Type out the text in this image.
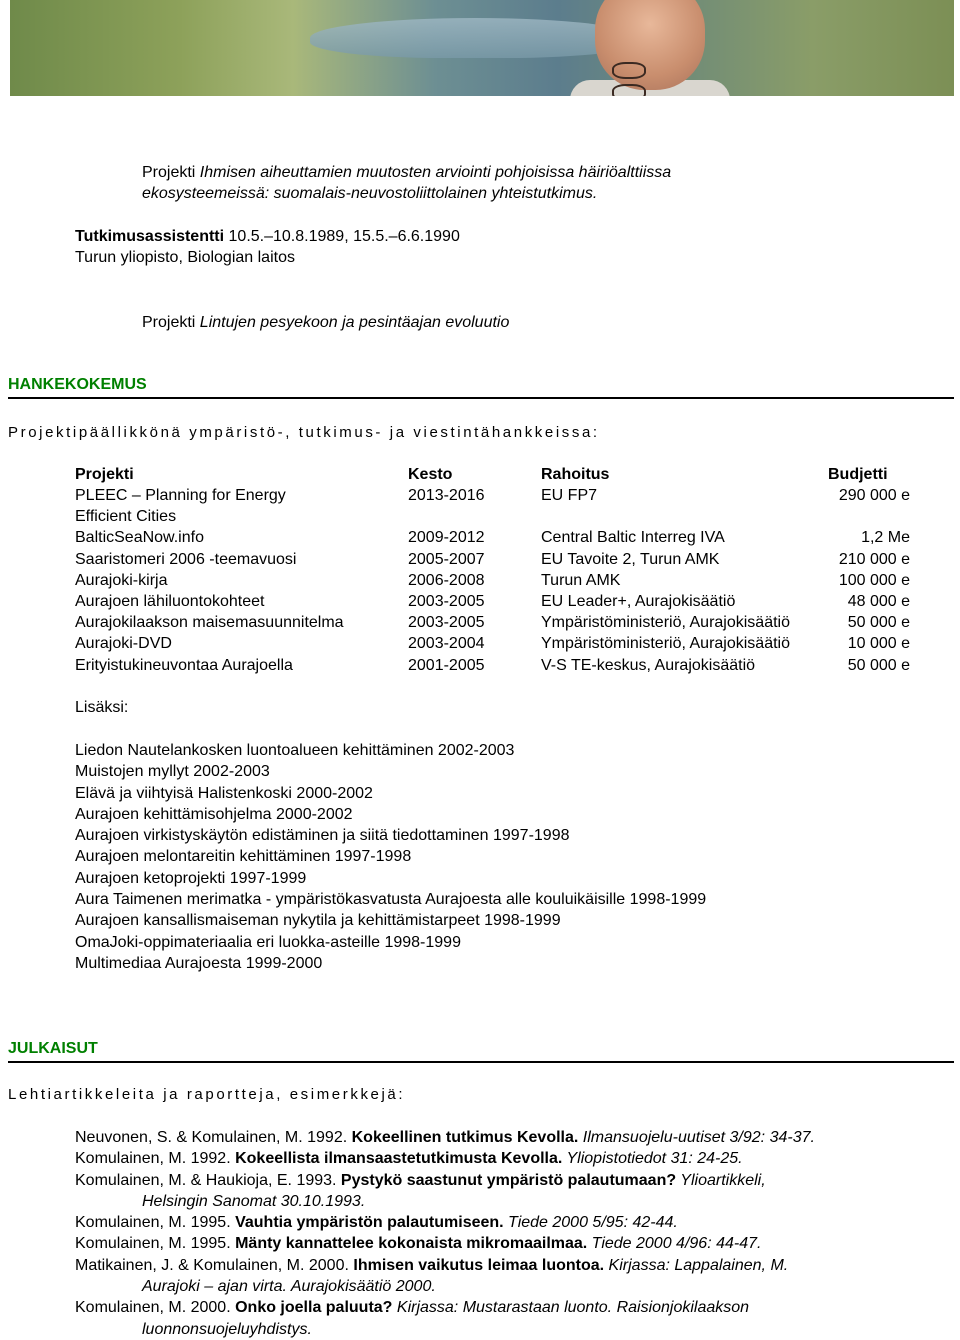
Projekti Ihmisen aiheuttamien muutosten arviointi pohjoisissa häiriöalttiissa
ekosysteemeissä: suomalais-neuvostoliittolainen yhteistutkimus.
Tutkimusassistentti 10.5.–10.8.1989, 15.5.–6.6.1990
Turun yliopisto, Biologian laitos
Projekti Lintujen pesyekoon ja pesintäajan evoluutio
HANKEKOKEMUS
Projektipäällikkönä ympäristö-, tutkimus- ja viestintähankkeissa:
Projekti	Kesto	Rahoitus	Budjetti
PLEEC – Planning for Energy	2013-2016	EU FP7	290 000 e
Efficient Cities			
BalticSeaNow.info	2009-2012	Central Baltic Interreg IVA	1,2 Me
Saaristomeri 2006 -teemavuosi	2005-2007	EU Tavoite 2, Turun AMK	210 000 e
Aurajoki-kirja	2006-2008	Turun AMK	100 000 e
Aurajoen lähiluontokohteet	2003-2005	EU Leader+, Aurajokisäätiö	48 000 e
Aurajokilaakson maisemasuunnitelma	2003-2005	Ympäristöministeriö, Aurajokisäätiö	50 000 e
Aurajoki-DVD	2003-2004	Ympäristöministeriö, Aurajokisäätiö	10 000 e
Erityistukineuvontaa Aurajoella	2001-2005	V-S TE-keskus, Aurajokisäätiö	50 000 e
Lisäksi:
Liedon Nautelankosken luontoalueen kehittäminen 2002-2003
Muistojen myllyt 2002-2003
Elävä ja viihtyisä Halistenkoski 2000-2002
Aurajoen kehittämisohjelma 2000-2002
Aurajoen virkistyskäytön edistäminen ja siitä tiedottaminen 1997-1998
Aurajoen melontareitin kehittäminen 1997-1998
Aurajoen ketoprojekti 1997-1999
Aura Taimenen merimatka - ympäristökasvatusta Aurajoesta alle kouluikäisille 1998-1999
Aurajoen kansallismaiseman nykytila ja kehittämistarpeet 1998-1999
OmaJoki-oppimateriaalia eri luokka-asteille 1998-1999
Multimediaa Aurajoesta 1999-2000
JULKAISUT
Lehtiartikkeleita ja raportteja, esimerkkejä:
Neuvonen, S. & Komulainen, M. 1992. Kokeellinen tutkimus Kevolla. Ilmansuojelu-uutiset 3/92: 34-37.
Komulainen, M. 1992. Kokeellista ilmansaastetutkimusta Kevolla. Yliopistotiedot 31: 24-25.
Komulainen, M. & Haukioja, E. 1993. Pystykö saastunut ympäristö palautumaan? Ylioartikkeli,
Helsingin Sanomat 30.10.1993.
Komulainen, M. 1995. Vauhtia ympäristön palautumiseen. Tiede 2000 5/95: 42-44.
Komulainen, M. 1995. Mänty kannattelee kokonaista mikromaailmaa. Tiede 2000 4/96: 44-47.
Matikainen, J. & Komulainen, M. 2000. Ihmisen vaikutus leimaa luontoa. Kirjassa: Lappalainen, M.
Aurajoki – ajan virta. Aurajokisäätiö 2000.
Komulainen, M. 2000. Onko joella paluuta? Kirjassa: Mustarastaan luonto. Raisionjokilaakson
luonnonsuojeluyhdistys.
